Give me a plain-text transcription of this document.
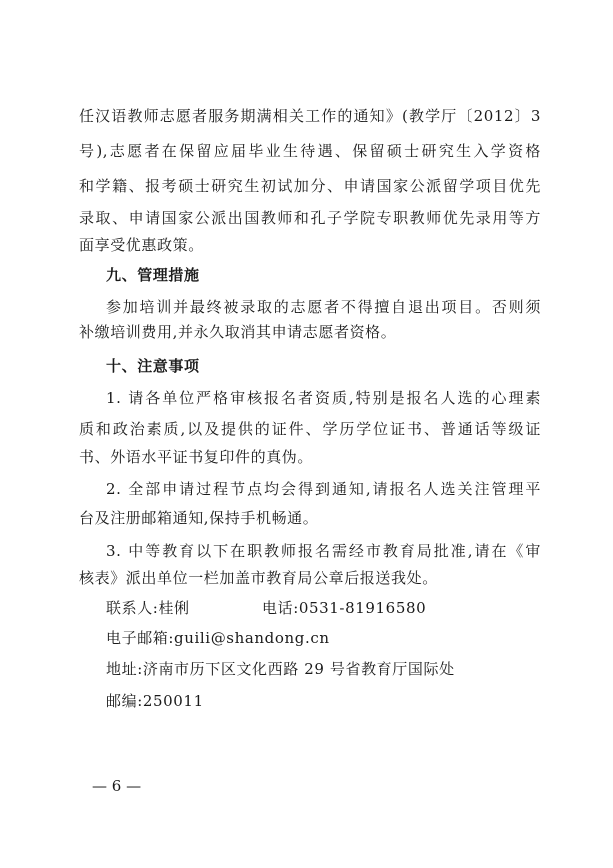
任汉语教师志愿者服务期满相关工作的通知》(教学厅〔2012〕3
号),志愿者在保留应届毕业生待遇、保留硕士研究生入学资格
和学籍、报考硕士研究生初试加分、申请国家公派留学项目优先
录取、申请国家公派出国教师和孔子学院专职教师优先录用等方
面享受优惠政策。
九、管理措施
参加培训并最终被录取的志愿者不得擅自退出项目。否则须
补缴培训费用,并永久取消其申请志愿者资格。
十、注意事项
1. 请各单位严格审核报名者资质,特别是报名人选的心理素
质和政治素质,以及提供的证件、学历学位证书、普通话等级证
书、外语水平证书复印件的真伪。
2. 全部申请过程节点均会得到通知,请报名人选关注管理平
台及注册邮箱通知,保持手机畅通。
3. 中等教育以下在职教师报名需经市教育局批准,请在《审
核表》派出单位一栏加盖市教育局公章后报送我处。
联系人:桂俐	电话:0531-81916580
电子邮箱:guili@shandong.cn
地址:济南市历下区文化西路 29 号省教育厅国际处
邮编:250011
— 6 —
